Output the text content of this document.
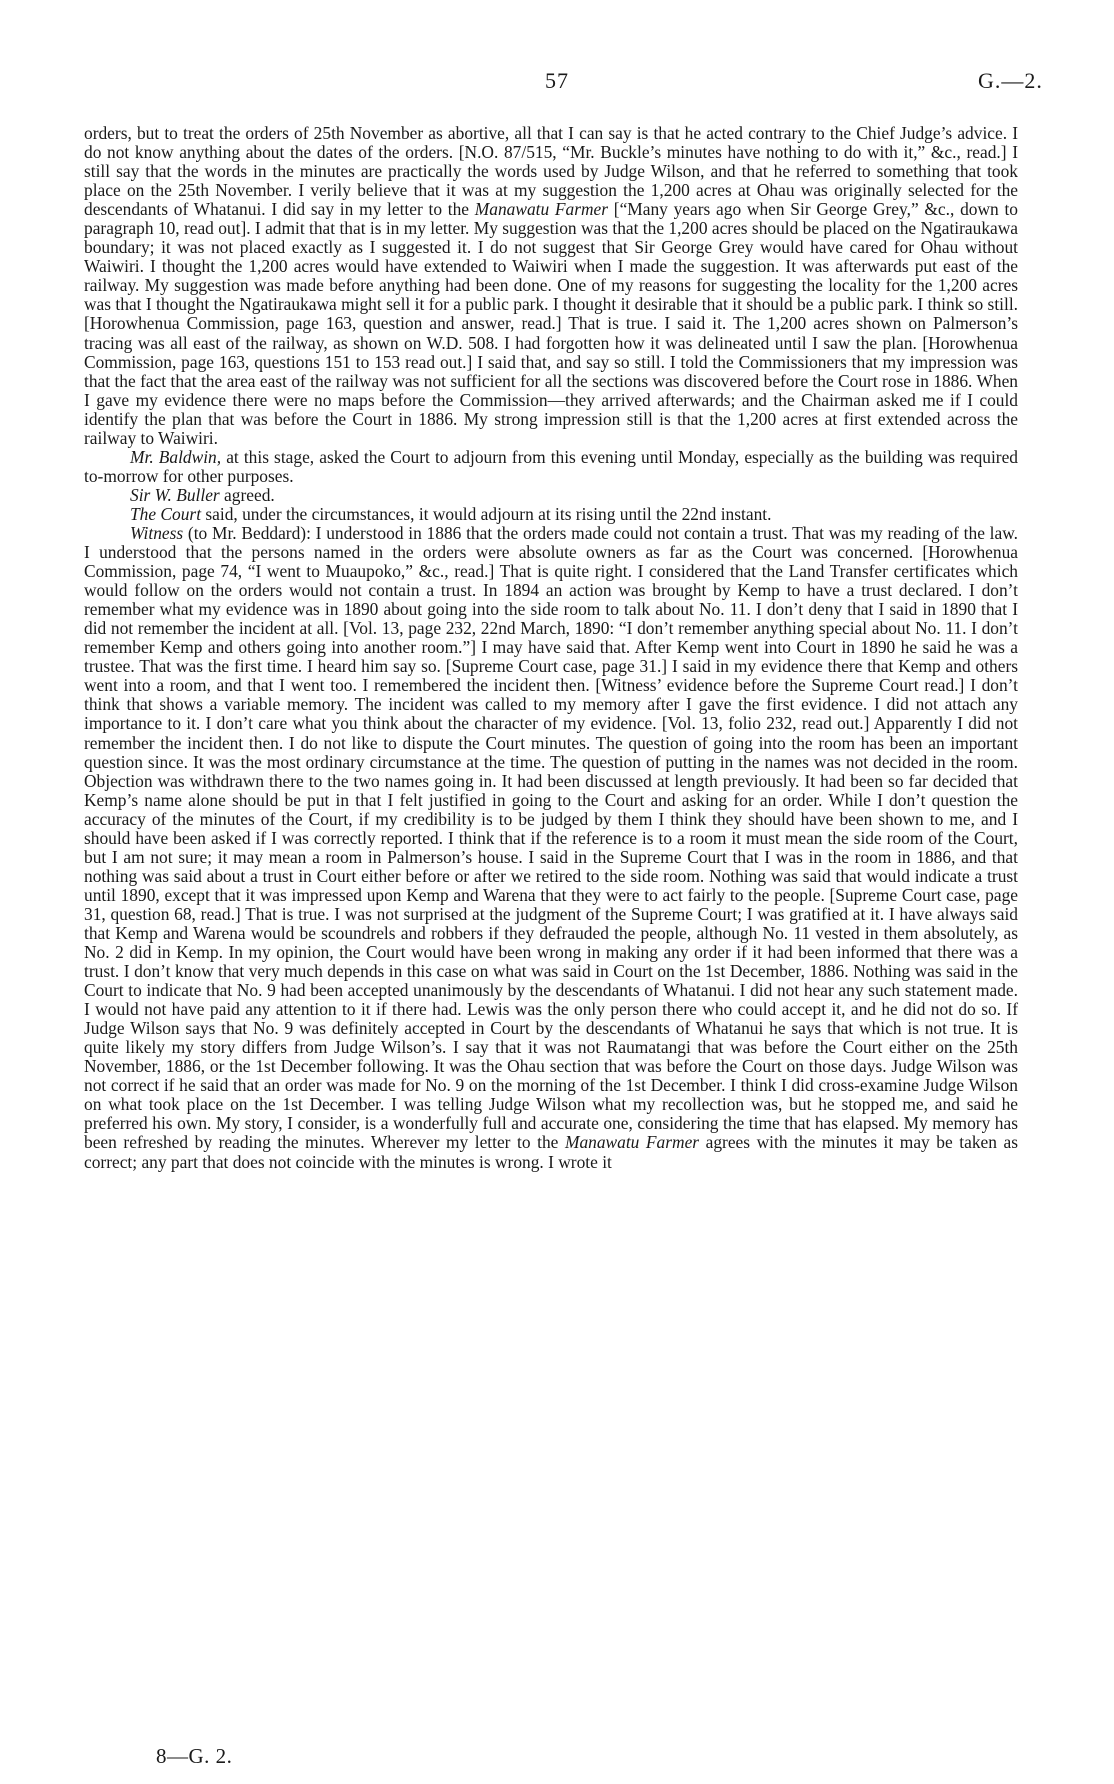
57	G.—2.

orders, but to treat the orders of 25th November as abortive, all that I can say is that he acted contrary to the Chief Judge’s advice. I do not know anything about the dates of the orders. [N.O. 87/515, “Mr. Buckle’s minutes have nothing to do with it,” &c., read.] I still say that the words in the minutes are practically the words used by Judge Wilson, and that he referred to something that took place on the 25th November. I verily believe that it was at my suggestion the 1,200 acres at Ohau was originally selected for the descendants of Whatanui. I did say in my letter to the Manawatu Farmer [“Many years ago when Sir George Grey,” &c., down to paragraph 10, read out]. I admit that that is in my letter. My suggestion was that the 1,200 acres should be placed on the Ngatiraukawa boundary; it was not placed exactly as I suggested it. I do not suggest that Sir George Grey would have cared for Ohau without Waiwiri. I thought the 1,200 acres would have extended to Waiwiri when I made the suggestion. It was afterwards put east of the railway. My suggestion was made before anything had been done. One of my reasons for suggesting the locality for the 1,200 acres was that I thought the Ngatiraukawa might sell it for a public park. I thought it desirable that it should be a public park. I think so still. [Horowhenua Commission, page 163, question and answer, read.] That is true. I said it. The 1,200 acres shown on Palmerson’s tracing was all east of the railway, as shown on W.D. 508. I had forgotten how it was delineated until I saw the plan. [Horowhenua Commission, page 163, questions 151 to 153 read out.] I said that, and say so still. I told the Commissioners that my impression was that the fact that the area east of the railway was not sufficient for all the sections was discovered before the Court rose in 1886. When I gave my evidence there were no maps before the Commission—they arrived afterwards; and the Chairman asked me if I could identify the plan that was before the Court in 1886. My strong impression still is that the 1,200 acres at first extended across the railway to Waiwiri.

Mr. Baldwin, at this stage, asked the Court to adjourn from this evening until Monday, especially as the building was required to-morrow for other purposes.

Sir W. Buller agreed.

The Court said, under the circumstances, it would adjourn at its rising until the 22nd instant.

Witness (to Mr. Beddard): I understood in 1886 that the orders made could not contain a trust. That was my reading of the law. I understood that the persons named in the orders were absolute owners as far as the Court was concerned. [Horowhenua Commission, page 74, “I went to Muaupoko,” &c., read.] That is quite right. I considered that the Land Transfer certificates which would follow on the orders would not contain a trust. In 1894 an action was brought by Kemp to have a trust declared. I don’t remember what my evidence was in 1890 about going into the side room to talk about No. 11. I don’t deny that I said in 1890 that I did not remember the incident at all. [Vol. 13, page 232, 22nd March, 1890: “I don’t remember anything special about No. 11. I don’t remember Kemp and others going into another room.”] I may have said that. After Kemp went into Court in 1890 he said he was a trustee. That was the first time. I heard him say so. [Supreme Court case, page 31.] I said in my evidence there that Kemp and others went into a room, and that I went too. I remembered the incident then. [Witness’ evidence before the Supreme Court read.] I don’t think that shows a variable memory. The incident was called to my memory after I gave the first evidence. I did not attach any importance to it. I don’t care what you think about the character of my evidence. [Vol. 13, folio 232, read out.] Apparently I did not remember the incident then. I do not like to dispute the Court minutes. The question of going into the room has been an important question since. It was the most ordinary circumstance at the time. The question of putting in the names was not decided in the room. Objection was withdrawn there to the two names going in. It had been discussed at length previously. It had been so far decided that Kemp’s name alone should be put in that I felt justified in going to the Court and asking for an order. While I don’t question the accuracy of the minutes of the Court, if my credibility is to be judged by them I think they should have been shown to me, and I should have been asked if I was correctly reported. I think that if the reference is to a room it must mean the side room of the Court, but I am not sure; it may mean a room in Palmerson’s house. I said in the Supreme Court that I was in the room in 1886, and that nothing was said about a trust in Court either before or after we retired to the side room. Nothing was said that would indicate a trust until 1890, except that it was impressed upon Kemp and Warena that they were to act fairly to the people. [Supreme Court case, page 31, question 68, read.] That is true. I was not surprised at the judgment of the Supreme Court; I was gratified at it. I have always said that Kemp and Warena would be scoundrels and robbers if they defrauded the people, although No. 11 vested in them absolutely, as No. 2 did in Kemp. In my opinion, the Court would have been wrong in making any order if it had been informed that there was a trust. I don’t know that very much depends in this case on what was said in Court on the 1st December, 1886. Nothing was said in the Court to indicate that No. 9 had been accepted unanimously by the descendants of Whatanui. I did not hear any such statement made. I would not have paid any attention to it if there had. Lewis was the only person there who could accept it, and he did not do so. If Judge Wilson says that No. 9 was definitely accepted in Court by the descendants of Whatanui he says that which is not true. It is quite likely my story differs from Judge Wilson’s. I say that it was not Raumatangi that was before the Court either on the 25th November, 1886, or the 1st December following. It was the Ohau section that was before the Court on those days. Judge Wilson was not correct if he said that an order was made for No. 9 on the morning of the 1st December. I think I did cross-examine Judge Wilson on what took place on the 1st December. I was telling Judge Wilson what my recollection was, but he stopped me, and said he preferred his own. My story, I consider, is a wonderfully full and accurate one, considering the time that has elapsed. My memory has been refreshed by reading the minutes. Wherever my letter to the Manawatu Farmer agrees with the minutes it may be taken as correct; any part that does not coincide with the minutes is wrong. I wrote it

8—G. 2.
